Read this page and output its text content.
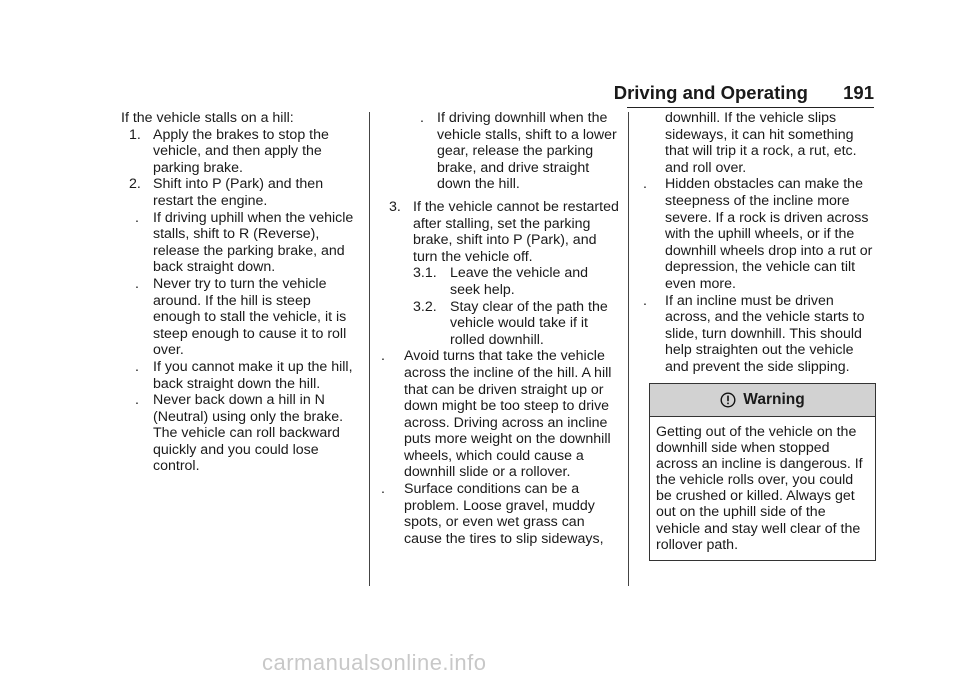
Driving and Operating 191

If the vehicle stalls on a hill:

1. Apply the brakes to stop the vehicle, and then apply the parking brake.

2. Shift into P (Park) and then restart the engine.

. If driving uphill when the vehicle stalls, shift to R (Reverse), release the parking brake, and back straight down.

. Never try to turn the vehicle around. If the hill is steep enough to stall the vehicle, it is steep enough to cause it to roll over.

. If you cannot make it up the hill, back straight down the hill.

. Never back down a hill in N (Neutral) using only the brake. The vehicle can roll backward quickly and you could lose control.

. If driving downhill when the vehicle stalls, shift to a lower gear, release the parking brake, and drive straight down the hill.

3. If the vehicle cannot be restarted after stalling, set the parking brake, shift into P (Park), and turn the vehicle off.

3.1. Leave the vehicle and seek help.

3.2. Stay clear of the path the vehicle would take if it rolled downhill.

. Avoid turns that take the vehicle across the incline of the hill. A hill that can be driven straight up or down might be too steep to drive across. Driving across an incline puts more weight on the downhill wheels, which could cause a downhill slide or a rollover.

. Surface conditions can be a problem. Loose gravel, muddy spots, or even wet grass can cause the tires to slip sideways,

downhill. If the vehicle slips sideways, it can hit something that will trip it a rock, a rut, etc. and roll over.

. Hidden obstacles can make the steepness of the incline more severe. If a rock is driven across with the uphill wheels, or if the downhill wheels drop into a rut or depression, the vehicle can tilt even more.

. If an incline must be driven across, and the vehicle starts to slide, turn downhill. This should help straighten out the vehicle and prevent the side slipping.

Warning
Getting out of the vehicle on the downhill side when stopped across an incline is dangerous. If the vehicle rolls over, you could be crushed or killed. Always get out on the uphill side of the vehicle and stay well clear of the rollover path.
carmanualsonline.info
